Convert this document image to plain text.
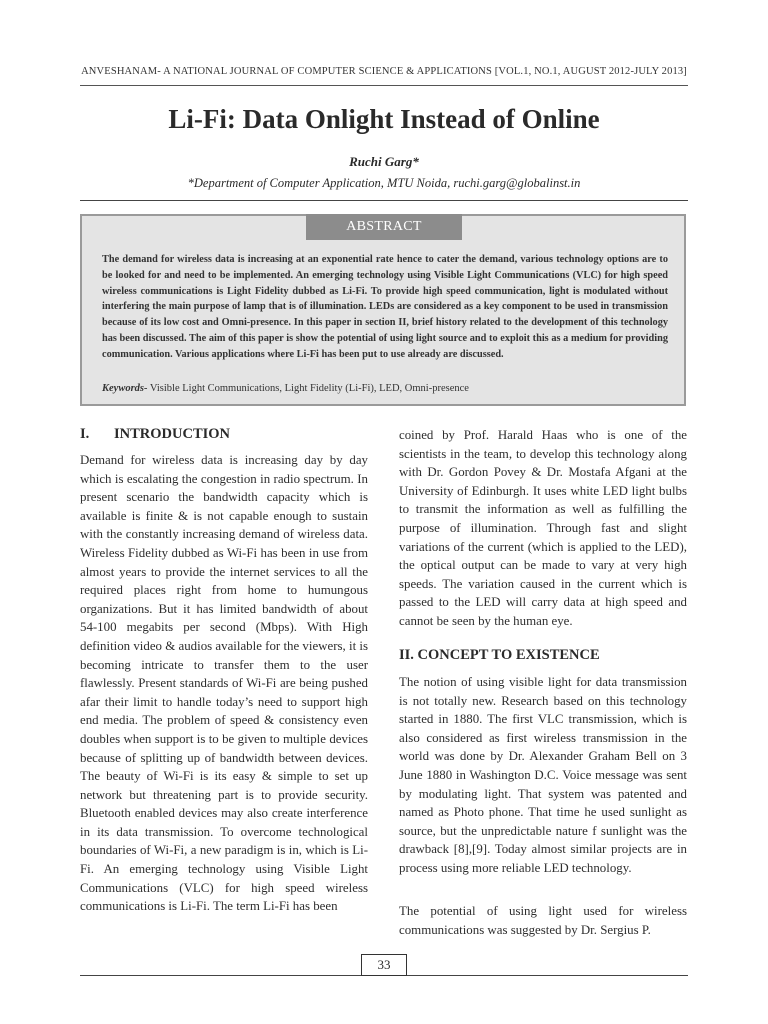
ANVESHANAM- A NATIONAL JOURNAL OF COMPUTER SCIENCE & APPLICATIONS [VOL.1, NO.1, AUGUST 2012-JULY 2013]
Li-Fi: Data Onlight Instead of Online
Ruchi Garg*
*Department of Computer Application, MTU Noida, ruchi.garg@globalinst.in
ABSTRACT
The demand for wireless data is increasing at an exponential rate hence to cater the demand, various technology options are to be looked for and need to be implemented. An emerging technology using Visible Light Communications (VLC) for high speed wireless communications is Light Fidelity dubbed as Li-Fi. To provide high speed communication, light is modulated without interfering the main purpose of lamp that is of illumination. LEDs are considered as a key component to be used in transmission because of its low cost and Omni-presence. In this paper in section II, brief history related to the development of this technology has been discussed. The aim of this paper is show the potential of using light source and to exploit this as a medium for providing communication. Various applications where Li-Fi has been put to use already are discussed.
Keywords- Visible Light Communications, Light Fidelity (Li-Fi), LED, Omni-presence
I. INTRODUCTION

Demand for wireless data is increasing day by day which is escalating the congestion in radio spectrum. In present scenario the bandwidth capacity which is available is finite & is not capable enough to sustain with the constantly increasing demand of wireless data. Wireless Fidelity dubbed as Wi-Fi has been in use from almost years to provide the internet services to all the required places right from home to humungous organizations. But it has limited bandwidth of about 54-100 megabits per second (Mbps). With High definition video & audios available for the viewers, it is becoming intricate to transfer them to the user flawlessly. Present standards of Wi-Fi are being pushed afar their limit to handle today’s need to support high end media. The problem of speed & consistency even doubles when support is to be given to multiple devices because of splitting up of bandwidth between devices. The beauty of Wi-Fi is its easy & simple to set up network but threatening part is to provide security. Bluetooth enabled devices may also create interference in its data transmission. To overcome technological boundaries of Wi-Fi, a new paradigm is in, which is Li-Fi. An emerging technology using Visible Light Communications (VLC) for high speed wireless communications is Li-Fi. The term Li-Fi has been

coined by Prof. Harald Haas who is one of the scientists in the team, to develop this technology along with Dr. Gordon Povey & Dr. Mostafa Afgani at the University of Edinburgh. It uses white LED light bulbs to transmit the information as well as fulfilling the purpose of illumination. Through fast and slight variations of the current (which is applied to the LED), the optical output can be made to vary at very high speeds. The variation caused in the current which is passed to the LED will carry data at high speed and cannot be seen by the human eye.

II. CONCEPT TO EXISTENCE

The notion of using visible light for data transmission is not totally new. Research based on this technology started in 1880. The first VLC transmission, which is also considered as first wireless transmission in the world was done by Dr. Alexander Graham Bell on 3 June 1880 in Washington D.C. Voice message was sent by modulating light. That system was patented and named as Photo phone. That time he used sunlight as source, but the unpredictable nature f sunlight was the drawback [8],[9]. Today almost similar projects are in process using more reliable LED technology.

The potential of using light used for wireless communications was suggested by Dr. Sergius P.

33
